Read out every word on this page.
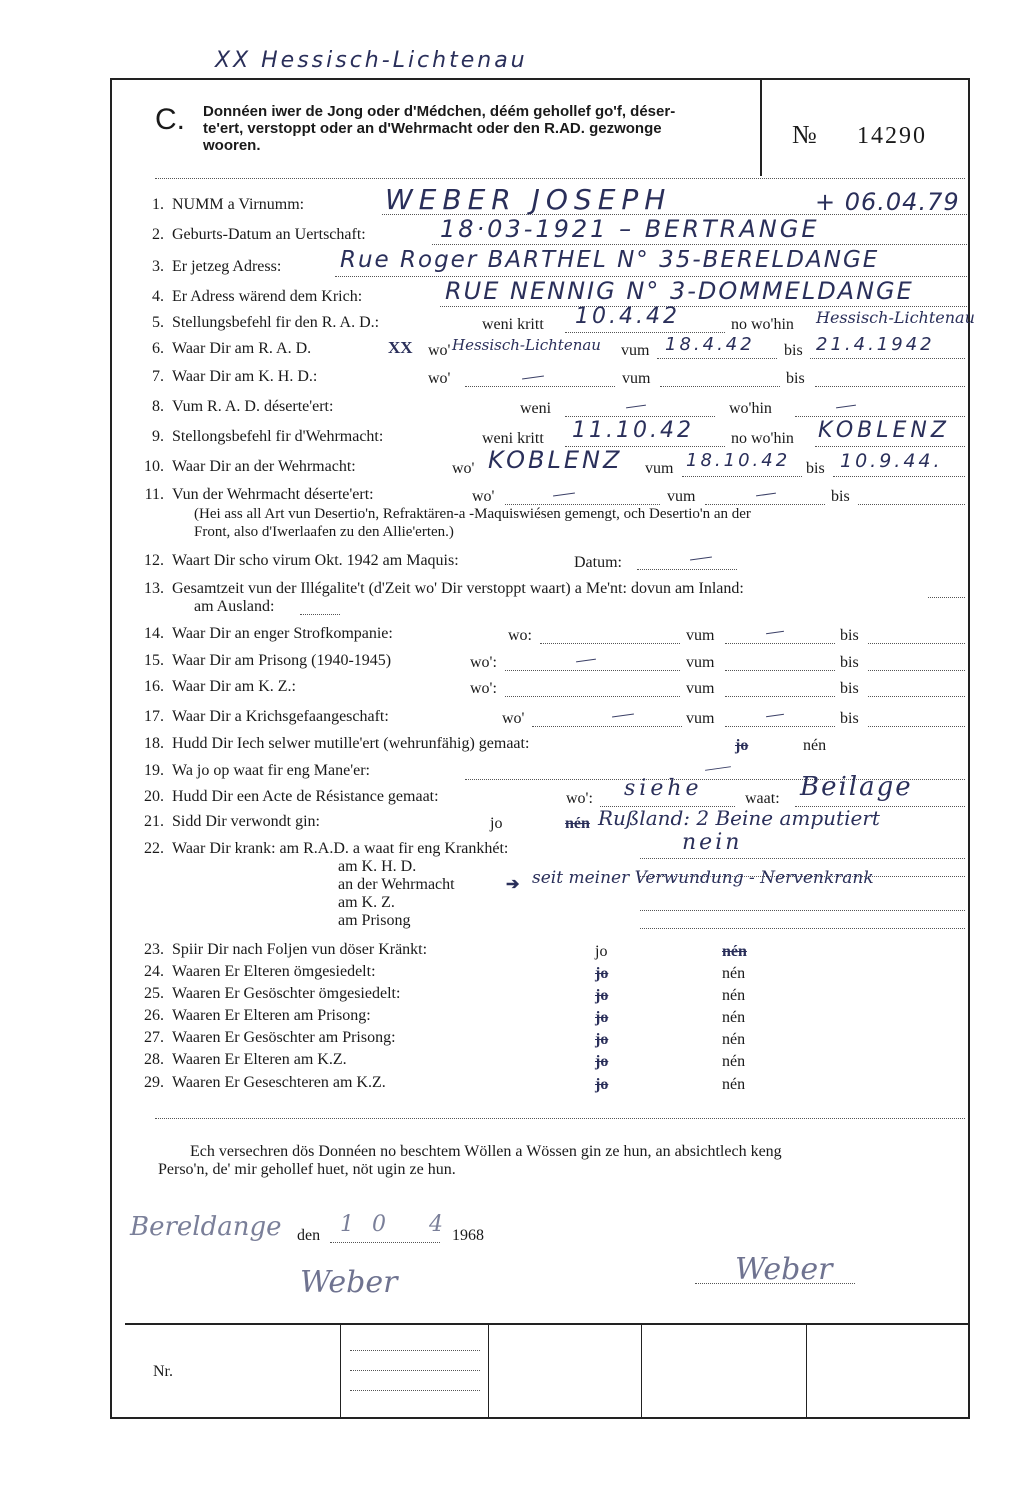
XX Hessisch-Lichtenau
C. Donnéen iwer de Jong oder d'Médchen, déém gehollef go'f, déser-
te'ert, verstoppt oder an d'Wehrmacht oder den R.AD. gezwonge
wooren.	№ 14290
1. NUMM a Virnumm:	WEBER JOSEPH	+ 06.04.79
2. Geburts-Datum an Uertschaft:	18·03-1921 – BERTRANGE
3. Er jetzeg Adress:	Rue Roger BARTHEL N° 35-BERELDANGE
4. Er Adress wärend dem Krich:	RUE NENNIG N° 3-DOMMELDANGE
5. Stellungsbefehl fir den R. A. D.:	weni kritt 10.4.42	no wo'hin Hessisch-Lichtenau
6. Waar Dir am R. A. D.	XX wo' Hessisch-Lichtenau vum 18.4.42 bis 21.4.1942
7. Waar Dir am K. H. D.:	wo'	vum	bis
8. Vum R. A. D. déserte'ert:	weni	wo'hin
9. Stellongsbefehl fir d'Wehrmacht:	weni kritt 11.10.42 no wo'hin KOBLENZ
10. Waar Dir an der Wehrmacht:	wo' KOBLENZ vum 18.10.42 bis 10.9.44.
11. Vun der Wehrmacht déserte'ert:	wo'	vum	bis
(Hei ass all Art vun Desertio'n, Refraktären-a -Maquiswiésen gemengt, och Desertio'n an der
Front, also d'Iwerlaafen zu den Allie'erten.)
12. Waart Dir scho virum Okt. 1942 am Maquis:	Datum:
13. Gesamtzeit vun der Illégalite't (d'Zeit wo' Dir verstoppt waart) a Me'nt: dovun am Inland:
am Ausland:
14. Waar Dir an enger Strofkompanie:	wo:	vum	bis
15. Waar Dir am Prisong (1940-1945)	wo':	vum	bis
16. Waar Dir am K. Z.:	wo':	vum	bis
17. Waar Dir a Krichsgefaangeschaft:	wo'	vum	bis
18. Hudd Dir Iech selwer mutille'ert (wehrunfähig) gemaat:	jo	nén
19. Wa jo op waat fir eng Mane'er:
20. Hudd Dir een Acte de Résistance gemaat:	wo': siehe	waat: Beilage
21. Sidd Dir verwondt gin:	jo	nén Rußland: 2 Beine amputiert
22. Waar Dir krank: am R.A.D. a waat fir eng Krankhét:	nein
am K. H. D.
an der Wehrmacht	➔ seit meiner Verwundung - Nervenkrank
am K. Z.
am Prisong
23. Spiir Dir nach Foljen vun döser Kränkt:	jo	nén
24. Waaren Er Elteren ömgesiedelt:	jo	nén
25. Waaren Er Gesöschter ömgesiedelt:	jo	nén
26. Waaren Er Elteren am Prisong:	jo	nén
27. Waaren Er Gesöschter am Prisong:	jo	nén
28. Waaren Er Elteren am K.Z.	jo	nén
29. Waaren Er Geseschteren am K.Z.	jo	nén
Ech versechren dös Donnéen no beschtem Wöllen a Wössen gin ze hun, an absichtlech keng
Perso'n, de' mir gehollef huet, nöt ugin ze hun.
Bereldange den 10 4
1968
Weber	Weber
Nr.
